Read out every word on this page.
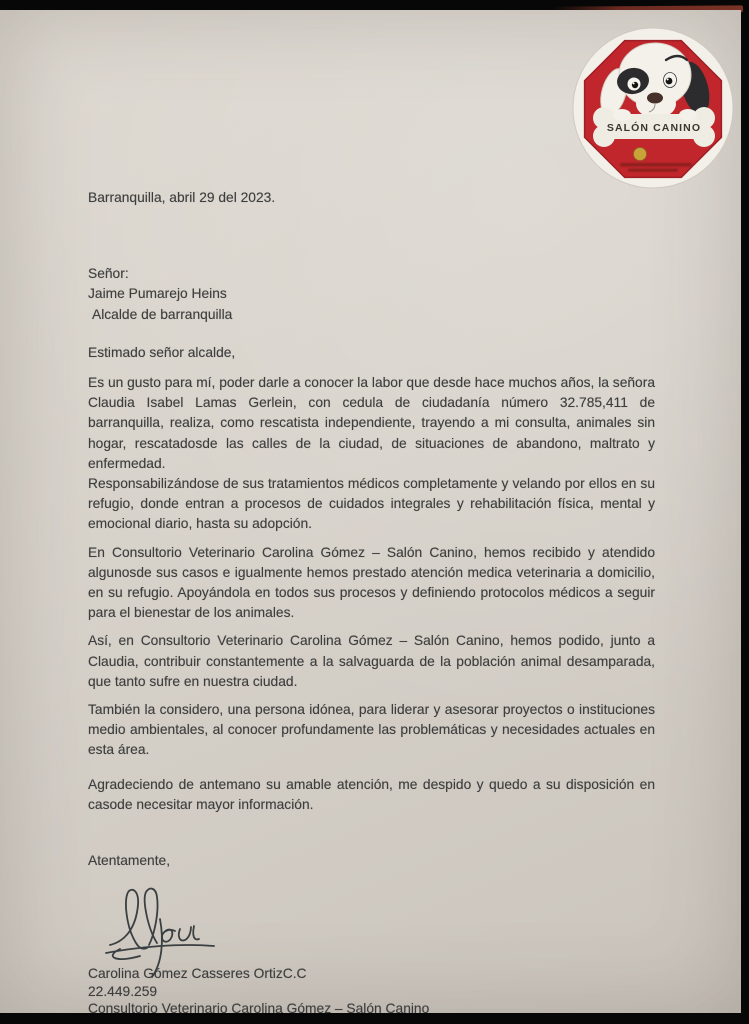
SALÓN CANINO
Barranquilla, abril 29 del 2023.
Señor:
Jaime Pumarejo Heins
Alcalde de barranquilla
Estimado señor alcalde,

Es un gusto para mí, poder darle a conocer la labor que desde hace muchos años, la señora Claudia Isabel Lamas Gerlein, con cedula de ciudadanía número 32.785,411 de barranquilla, realiza, como rescatista independiente, trayendo a mi consulta, animales sin hogar, rescatadosde las calles de la ciudad, de situaciones de abandono, maltrato y enfermedad.

Responsabilizándose de sus tratamientos médicos completamente y velando por ellos en su refugio, donde entran a procesos de cuidados integrales y rehabilitación física, mental y emocional diario, hasta su adopción.

En Consultorio Veterinario Carolina Gómez – Salón Canino, hemos recibido y atendido algunosde sus casos e igualmente hemos prestado atención medica veterinaria a domicilio, en su refugio. Apoyándola en todos sus procesos y definiendo protocolos médicos a seguir para el bienestar de los animales.

Así, en Consultorio Veterinario Carolina Gómez – Salón Canino, hemos podido, junto a Claudia, contribuir constantemente a la salvaguarda de la población animal desamparada, que tanto sufre en nuestra ciudad.

También la considero, una persona idónea, para liderar y asesorar proyectos o instituciones medio ambientales, al conocer profundamente las problemáticas y necesidades actuales en esta área.

Agradeciendo de antemano su amable atención, me despido y quedo a su disposición en casode necesitar mayor información.

Atentamente,
Carolina Gómez Casseres OrtizC.C
22.449.259
Consultorio Veterinario Carolina Gómez – Salón Canino
